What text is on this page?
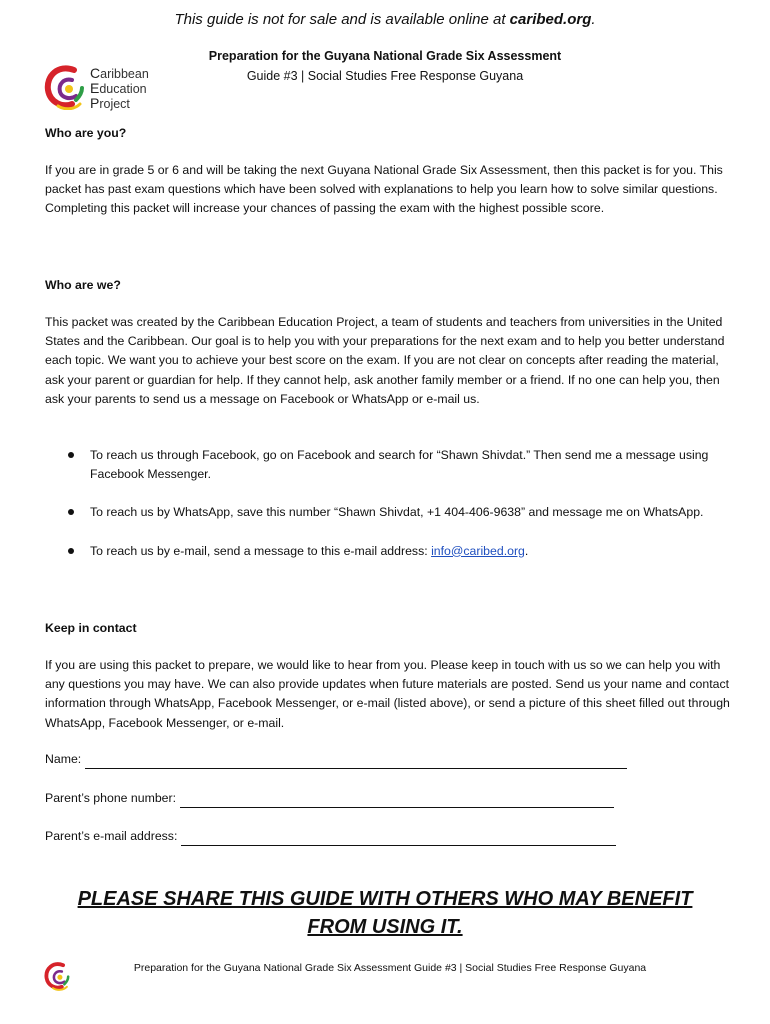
This guide is not for sale and is available online at caribed.org.
Caribbean
Education
Project
Preparation for the Guyana National Grade Six Assessment
Guide #3 | Social Studies Free Response Guyana
Who are you?
If you are in grade 5 or 6 and will be taking the next Guyana National Grade Six Assessment, then this packet is for you. This packet has past exam questions which have been solved with explanations to help you learn how to solve similar questions. Completing this packet will increase your chances of passing the exam with the highest possible score.
Who are we?
This packet was created by the Caribbean Education Project, a team of students and teachers from universities in the United States and the Caribbean. Our goal is to help you with your preparations for the next exam and to help you better understand each topic. We want you to achieve your best score on the exam. If you are not clear on concepts after reading the material, ask your parent or guardian for help. If they cannot help, ask another family member or a friend. If no one can help you, then ask your parents to send us a message on Facebook or WhatsApp or e-mail us.
To reach us through Facebook, go on Facebook and search for “Shawn Shivdat.” Then send me a message using Facebook Messenger.
To reach us by WhatsApp, save this number “Shawn Shivdat, +1 404-406-9638” and message me on WhatsApp.
To reach us by e-mail, send a message to this e-mail address: info@caribed.org.
Keep in contact
If you are using this packet to prepare, we would like to hear from you. Please keep in touch with us so we can help you with any questions you may have. We can also provide updates when future materials are posted. Send us your name and contact information through WhatsApp, Facebook Messenger, or e-mail (listed above), or send a picture of this sheet filled out through WhatsApp, Facebook Messenger, or e-mail.
Name:
Parent’s phone number:
Parent’s e-mail address:
PLEASE SHARE THIS GUIDE WITH OTHERS WHO MAY BENEFIT
FROM USING IT.
Preparation for the Guyana National Grade Six Assessment Guide #3 | Social Studies Free Response Guyana
